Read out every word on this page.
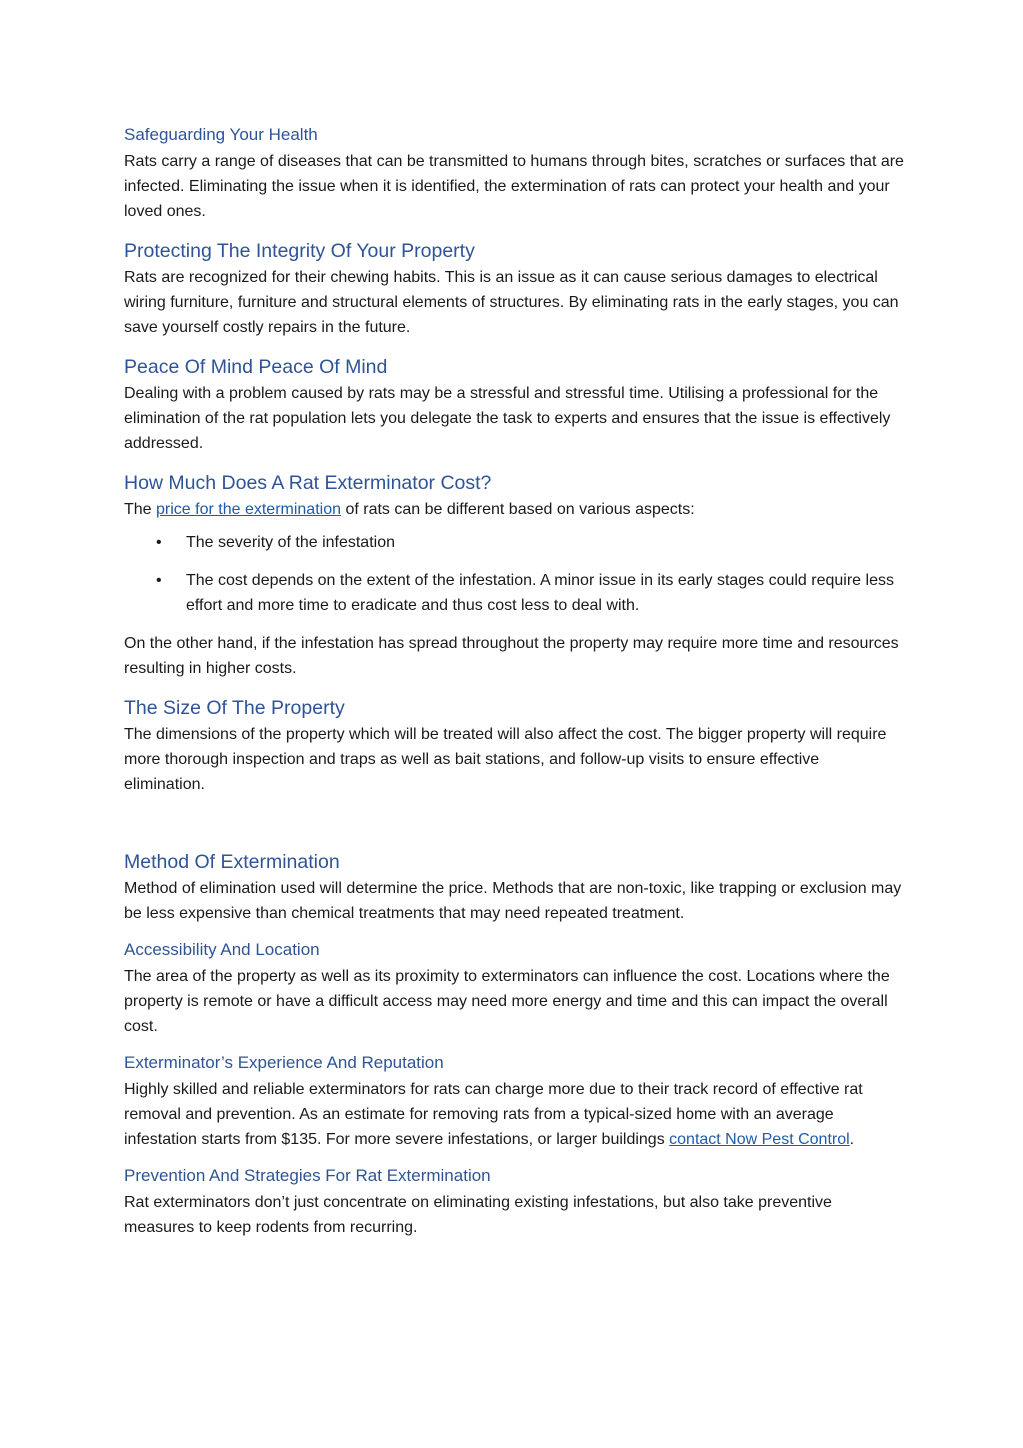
Safeguarding Your Health

Rats carry a range of diseases that can be transmitted to humans through bites, scratches or surfaces that are infected. Eliminating the issue when it is identified, the extermination of rats can protect your health and your loved ones.

Protecting The Integrity Of Your Property

Rats are recognized for their chewing habits. This is an issue as it can cause serious damages to electrical wiring furniture, furniture and structural elements of structures. By eliminating rats in the early stages, you can save yourself costly repairs in the future.

Peace Of Mind Peace Of Mind

Dealing with a problem caused by rats may be a stressful and stressful time. Utilising a professional for the elimination of the rat population lets you delegate the task to experts and ensures that the issue is effectively addressed.

How Much Does A Rat Exterminator Cost?

The price for the extermination of rats can be different based on various aspects:

• The severity of the infestation
• The cost depends on the extent of the infestation. A minor issue in its early stages could require less effort and more time to eradicate and thus cost less to deal with.

On the other hand, if the infestation has spread throughout the property may require more time and resources resulting in higher costs.

The Size Of The Property

The dimensions of the property which will be treated will also affect the cost. The bigger property will require more thorough inspection and traps as well as bait stations, and follow-up visits to ensure effective elimination.

Method Of Extermination

Method of elimination used will determine the price. Methods that are non-toxic, like trapping or exclusion may be less expensive than chemical treatments that may need repeated treatment.

Accessibility And Location

The area of the property as well as its proximity to exterminators can influence the cost. Locations where the property is remote or have a difficult access may need more energy and time and this can impact the overall cost.

Exterminator’s Experience And Reputation

Highly skilled and reliable exterminators for rats can charge more due to their track record of effective rat removal and prevention. As an estimate for removing rats from a typical-sized home with an average infestation starts from $135. For more severe infestations, or larger buildings contact Now Pest Control.

Prevention And Strategies For Rat Extermination

Rat exterminators don’t just concentrate on eliminating existing infestations, but also take preventive measures to keep rodents from recurring.
